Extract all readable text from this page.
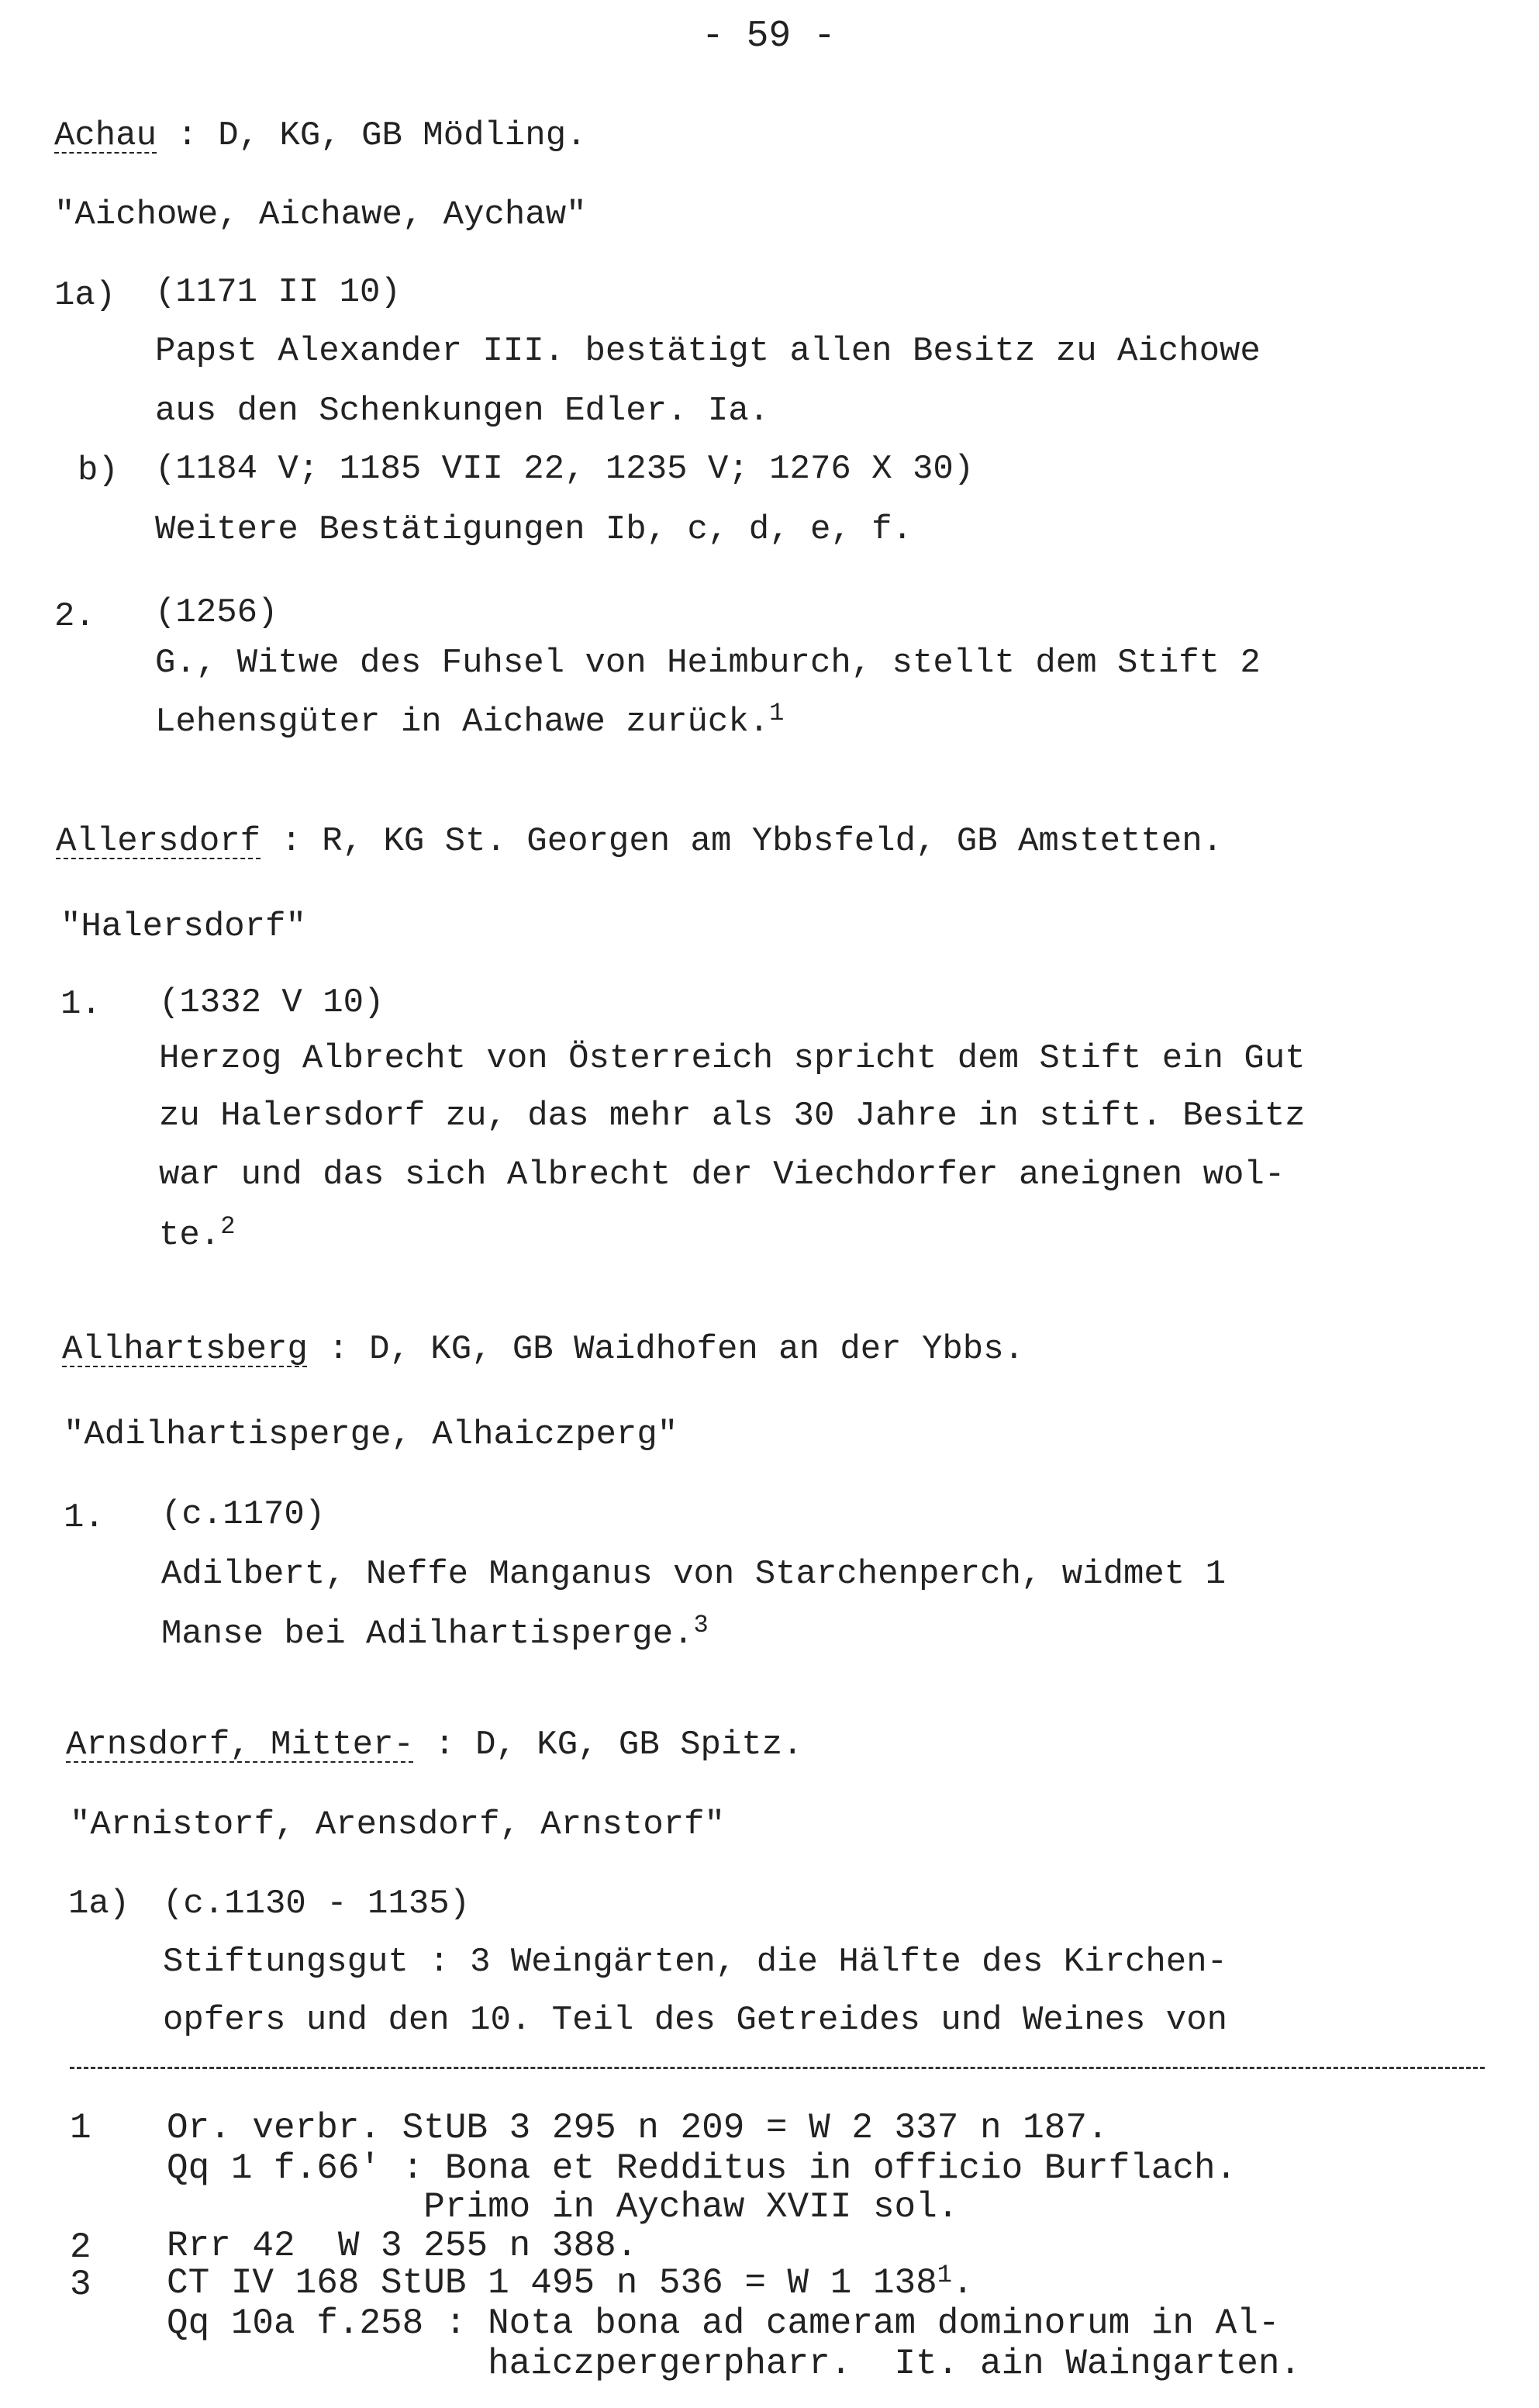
- 59 -
Achau : D, KG, GB Mödling.
"Aichowe, Aichawe, Aychaw"
1a) (1171 II 10)
Papst Alexander III. bestätigt allen Besitz zu Aichowe
aus den Schenkungen Edler. Ia.
b) (1184 V; 1185 VII 22, 1235 V; 1276 X 30)
Weitere Bestätigungen Ib, c, d, e, f.
2. (1256)
G., Witwe des Fuhsel von Heimburch, stellt dem Stift 2
Lehensgüter in Aichawe zurück.$^1$
Allersdorf : R, KG St. Georgen am Ybbsfeld, GB Amstetten.
"Halersdorf"
1. (1332 V 10)
Herzog Albrecht von Österreich spricht dem Stift ein Gut
zu Halersdorf zu, das mehr als 30 Jahre in stift. Besitz
war und das sich Albrecht der Viechdorfer aneignen wol-
te.$^2$
Allhartsberg : D, KG, GB Waidhofen an der Ybbs.
"Adilhartisperge, Alhaiczperg"
1. (c.1170)
Adilbert, Neffe Manganus von Starchenperch, widmet 1
Manse bei Adilhartisperge.$^3$
Arnsdorf, Mitter- : D, KG, GB Spitz.
"Arnistorf, Arensdorf, Arnstorf"
1a) (c.1130 - 1135)
Stiftungsgut : 3 Weingärten, die Hälfte des Kirchen-
opfers und den 10. Teil des Getreides und Weines von
1 Or. verbr. StUB 3 295 n 209 = W 2 337 n 187.
Qq 1 f.66' : Bona et Redditus in officio Burflach.
Primo in Aychaw XVII sol.
2 Rrr 42  W 3 255 n 388.
3 CT IV 168 StUB 1 495 n 536 = W 1 $138^1$.
Qq 10a f.258 : Nota bona ad cameram dominorum in Al-
haiczpergerpharr.  It. ain Waingarten.
